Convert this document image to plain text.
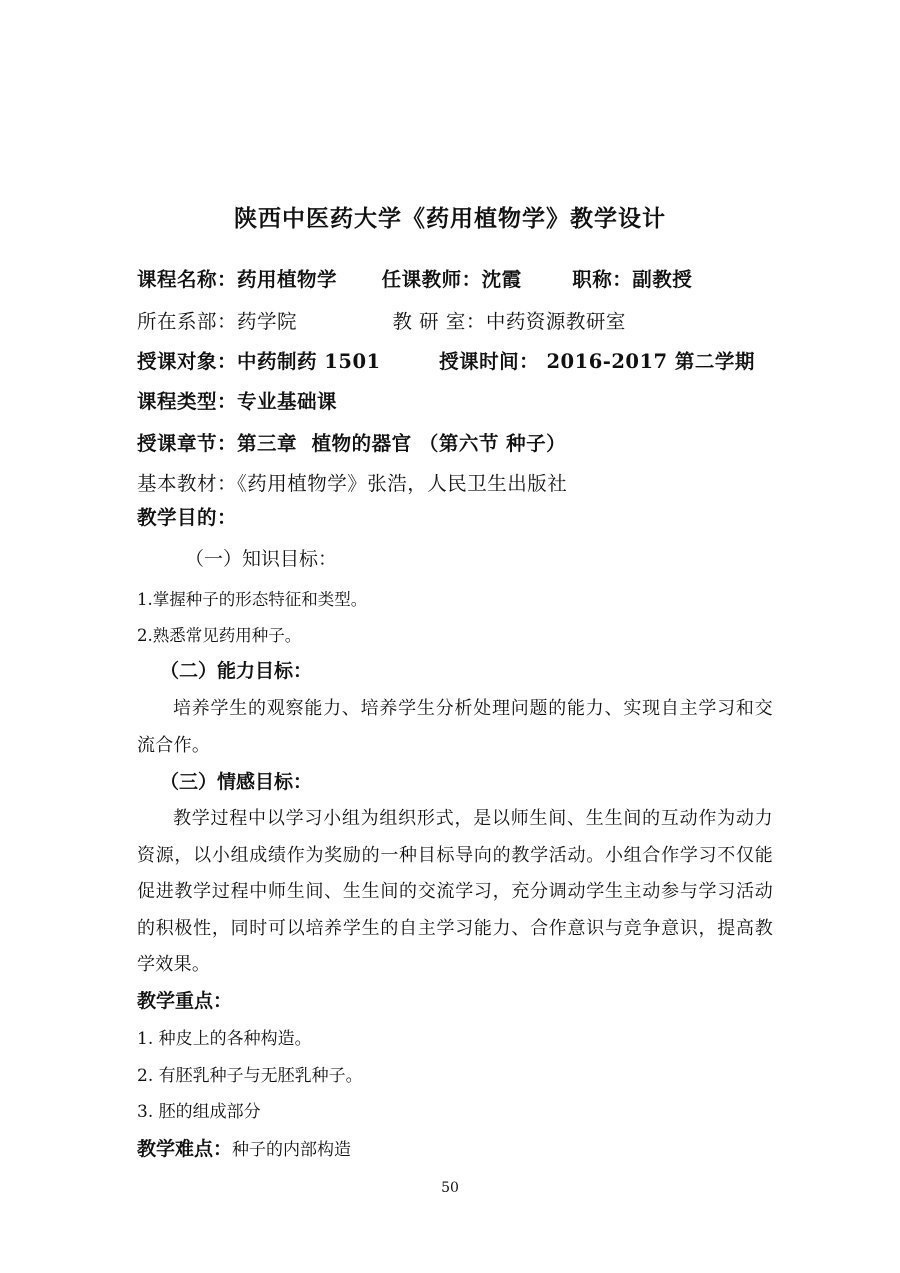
陕西中医药大学《药用植物学》教学设计
课程名称：药用植物学 任课教师：沈霞	职称：副教授
所在系部：药学院	教 研 室：中药资源教研室
授课对象：中药制药 1501	授课时间： 2016-2017 第二学期
课程类型：专业基础课
授课章节：第三章  植物的器官 （第六节 种子）
基本教材：《药用植物学》张浩，人民卫生出版社
教学目的：
（一）知识目标：
1.掌握种子的形态特征和类型。
2.熟悉常见药用种子。
（二）能力目标：
培养学生的观察能力、培养学生分析处理问题的能力、实现自主学习和交流合作。
（三）情感目标：
教学过程中以学习小组为组织形式，是以师生间、生生间的互动作为动力资源，以小组成绩作为奖励的一种目标导向的教学活动。小组合作学习不仅能促进教学过程中师生间、生生间的交流学习，充分调动学生主动参与学习活动的积极性，同时可以培养学生的自主学习能力、合作意识与竞争意识，提高教学效果。
教学重点：
1. 种皮上的各种构造。
2. 有胚乳种子与无胚乳种子。
3. 胚的组成部分
教学难点：种子的内部构造
50
